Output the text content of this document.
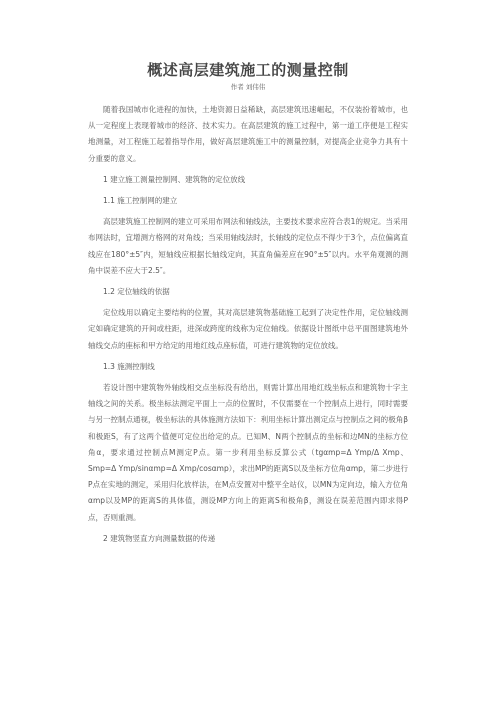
概述高层建筑施工的测量控制
作者 刘伟伟

随着我国城市化进程的加快，土地资源日益稀缺，高层建筑迅速崛起，不仅装扮着城市，也从一定程度上表现着城市的经济、技术实力。在高层建筑的施工过程中，第一道工序便是工程实地测量，对工程施工起着指导作用，做好高层建筑施工中的测量控制，对提高企业竞争力具有十分重要的意义。

1 建立施工测量控制网、建筑物的定位放线
1.1 施工控制网的建立

高层建筑施工控制网的建立可采用布网法和轴线法，主要技术要求应符合表1的规定。当采用布网法时，宜增测方格网的对角线；当采用轴线法时，长轴线的定位点不得少于3个，点位偏离直线应在180°±5″内，短轴线应根据长轴线定向，其直角偏差应在90°±5″以内。水平角观测的测角中误差不应大于2.5″。

1.2 定位轴线的依据

定位线用以确定主要结构的位置，其对高层建筑物基础施工起到了决定性作用，定位轴线测定如确定建筑的开间或柱距，进深或跨度的线称为定位轴线。依据设计图纸中总平面图建筑地外轴线交点的座标和甲方给定的用地红线点座标值，可进行建筑物的定位放线。

1.3 施测控制线

若设计图中建筑物外轴线相交点坐标没有给出，则需计算出用地红线坐标点和建筑物十字主轴线之间的关系。极坐标法测定平面上一点的位置时，不仅需要在一个控制点上进行，同时需要与另一控制点通视，极坐标法的具体施测方法如下：利用坐标计算出测定点与控制点之间的极角β和极距S，有了这两个值便可定位出给定的点。已知M、N两个控制点的坐标和边MN的坐标方位角α，要求通过控制点M测定P点。第一步利用坐标反算公式（tgαmp=Δ Ymp/Δ Xmp、Smp=Δ Ymp/sinαmp=Δ Xmp/cosαmp），求出MP的距离S以及坐标方位角αmp，第二步进行P点在实地的测定，采用归化放样法，在M点安置对中整平全站仪，以MN为定向边，输入方位角αmp以及MP的距离S的具体值，测设MP方向上的距离S和极角β，测设在误差范围内即求得P点，否则重测。

2 建筑物竖直方向测量数据的传递
